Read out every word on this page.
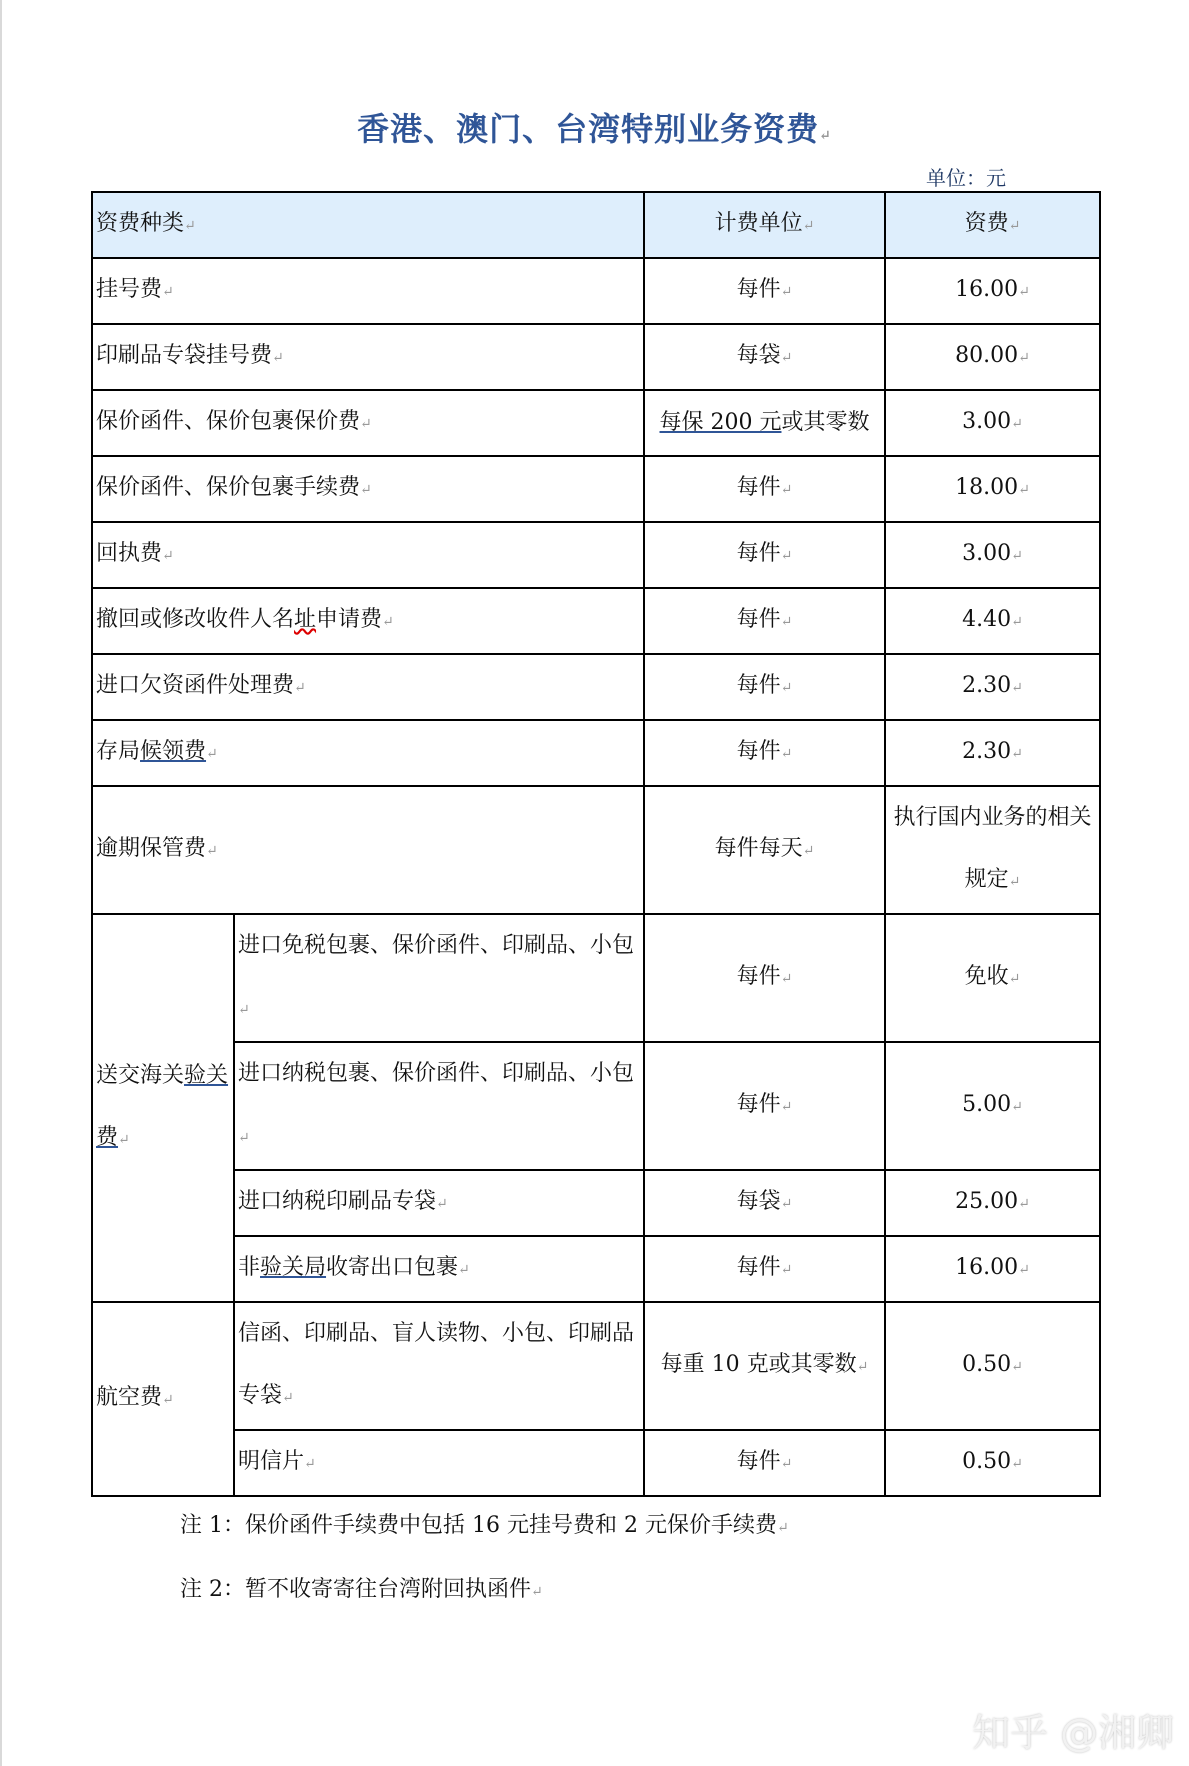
香港、澳门、台湾特别业务资费↵
单位：元
资费种类↵		计费单位↵	资费↵
挂号费↵		每件↵	16.00↵
印刷品专袋挂号费↵		每袋↵	80.00↵
保价函件、保价包裹保价费↵		每保 200 元或其零数	3.00↵
保价函件、保价包裹手续费↵		每件↵	18.00↵
回执费↵		每件↵	3.00↵
撤回或修改收件人名址申请费↵		每件↵	4.40↵
进口欠资函件处理费↵		每件↵	2.30↵
存局候领费↵		每件↵	2.30↵
逾期保管费↵		每件每天↵	执行国内业务的相关规定↵
送交海关验关费↵	进口免税包裹、保价函件、印刷品、小包↵	每件↵	免收↵
	进口纳税包裹、保价函件、印刷品、小包↵	每件↵	5.00↵
	进口纳税印刷品专袋↵	每袋↵	25.00↵
	非验关局收寄出口包裹↵	每件↵	16.00↵
航空费↵	信函、印刷品、盲人读物、小包、印刷品专袋↵	每重 10 克或其零数↵	0.50↵
	明信片↵	每件↵	0.50↵
注 1：保价函件手续费中包括 16 元挂号费和 2 元保价手续费↵
注 2：暂不收寄寄往台湾附回执函件↵
知乎 @湘卿
